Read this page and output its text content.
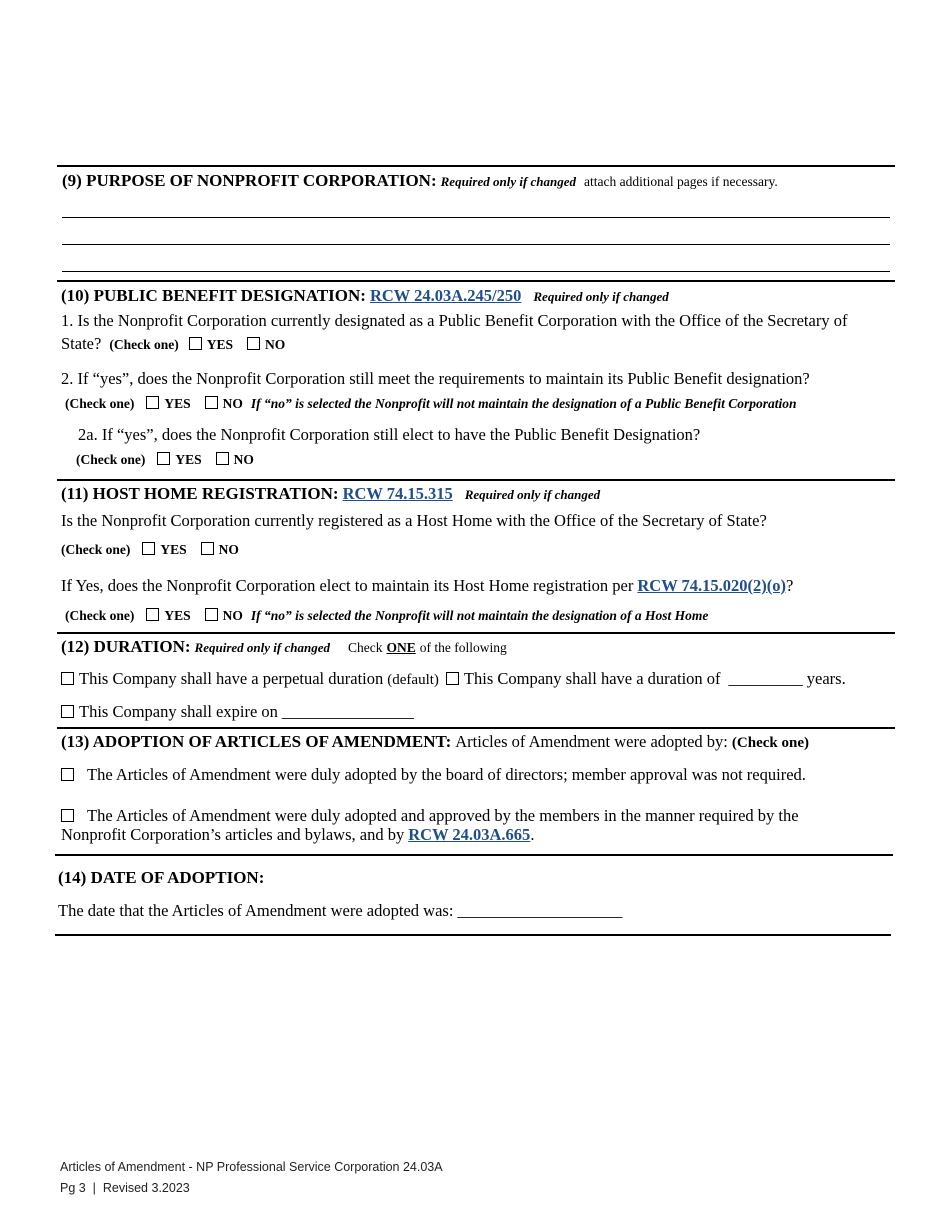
(9) PURPOSE OF NONPROFIT CORPORATION: Required only if changed attach additional pages if necessary.
(10) PUBLIC BENEFIT DESIGNATION: RCW 24.03A.245/250 Required only if changed
1. Is the Nonprofit Corporation currently designated as a Public Benefit Corporation with the Office of the Secretary of
State? (Check one) YES NO
2. If “yes”, does the Nonprofit Corporation still meet the requirements to maintain its Public Benefit designation?
(Check one) YES NO If “no” is selected the Nonprofit will not maintain the designation of a Public Benefit Corporation
2a. If “yes”, does the Nonprofit Corporation still elect to have the Public Benefit Designation?
(Check one) YES NO
(11) HOST HOME REGISTRATION: RCW 74.15.315 Required only if changed
Is the Nonprofit Corporation currently registered as a Host Home with the Office of the Secretary of State?
(Check one) YES NO
If Yes, does the Nonprofit Corporation elect to maintain its Host Home registration per RCW 74.15.020(2)(o)?
(Check one) YES NO If “no” is selected the Nonprofit will not maintain the designation of a Host Home
(12) DURATION: Required only if changed Check ONE of the following
This Company shall have a perpetual duration (default) This Company shall have a duration of _________ years.
This Company shall expire on ________________
(13) ADOPTION OF ARTICLES OF AMENDMENT: Articles of Amendment were adopted by: (Check one)
The Articles of Amendment were duly adopted by the board of directors; member approval was not required.
The Articles of Amendment were duly adopted and approved by the members in the manner required by the
Nonprofit Corporation’s articles and bylaws, and by RCW 24.03A.665.
(14) DATE OF ADOPTION:
The date that the Articles of Amendment were adopted was: ____________________
Articles of Amendment - NP Professional Service Corporation 24.03A
Pg 3  |  Revised 3.2023
